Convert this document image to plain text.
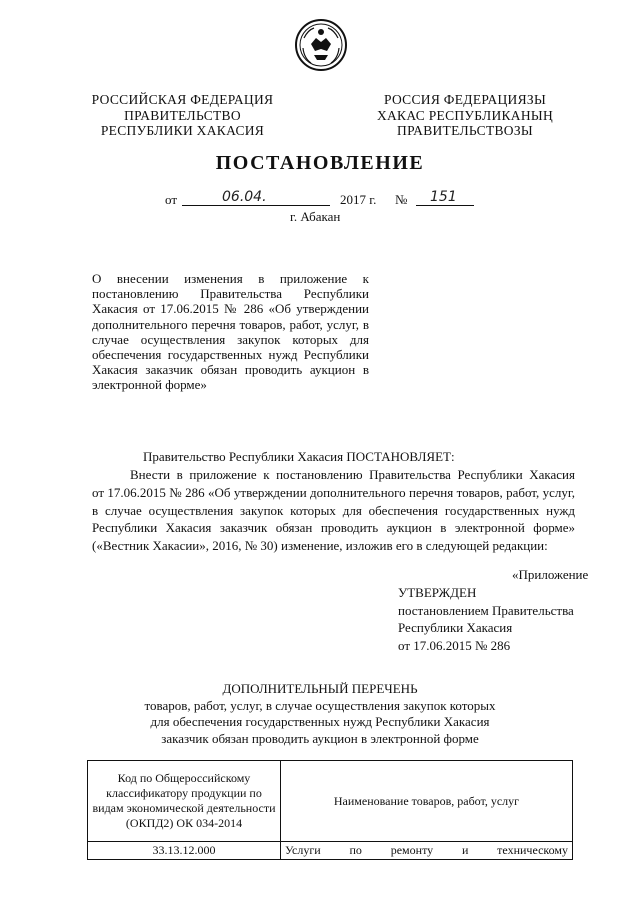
РОССИЙСКАЯ ФЕДЕРАЦИЯ
ПРАВИТЕЛЬСТВО
РЕСПУБЛИКИ ХАКАСИЯ
РОССИЯ ФЕДЕРАЦИЯЗЫ
ХАКАС РЕСПУБЛИКАНЫҢ
ПРАВИТЕЛЬСТВОЗЫ
ПОСТАНОВЛЕНИЕ
от	06.04.	2017 г. № 151
г. Абакан
О внесении изменения в приложение к постановлению Правительства Республики Хакасия от 17.06.2015 № 286 «Об утверждении дополнительного перечня товаров, работ, услуг, в случае осуществления закупок которых для обеспечения государственных нужд Республики Хакасия заказчик обязан проводить аукцион в электронной форме»
Правительство Республики Хакасия ПОСТАНОВЛЯЕТ:
Внести в приложение к постановлению Правительства Республики Хакасия
от 17.06.2015 № 286 «Об утверждении дополнительного перечня товаров, работ, услуг, в случае осуществления закупок которых для обеспечения государственных нужд Республики Хакасия заказчик обязан проводить аукцион в электронной форме» («Вестник Хакасии», 2016, № 30) изменение, изложив его в следующей редакции:
«Приложение
УТВЕРЖДЕН
постановлением Правительства
Республики Хакасия
от 17.06.2015 № 286
ДОПОЛНИТЕЛЬНЫЙ ПЕРЕЧЕНЬ
товаров, работ, услуг, в случае осуществления закупок которых
для обеспечения государственных нужд Республики Хакасия
заказчик обязан проводить аукцион в электронной форме
Код по Общероссийскому классификатору продукции по видам экономической деятельности (ОКПД2) ОК 034-2014	Наименование товаров, работ, услуг
33.13.12.000	Услуги по ремонту и техническому
